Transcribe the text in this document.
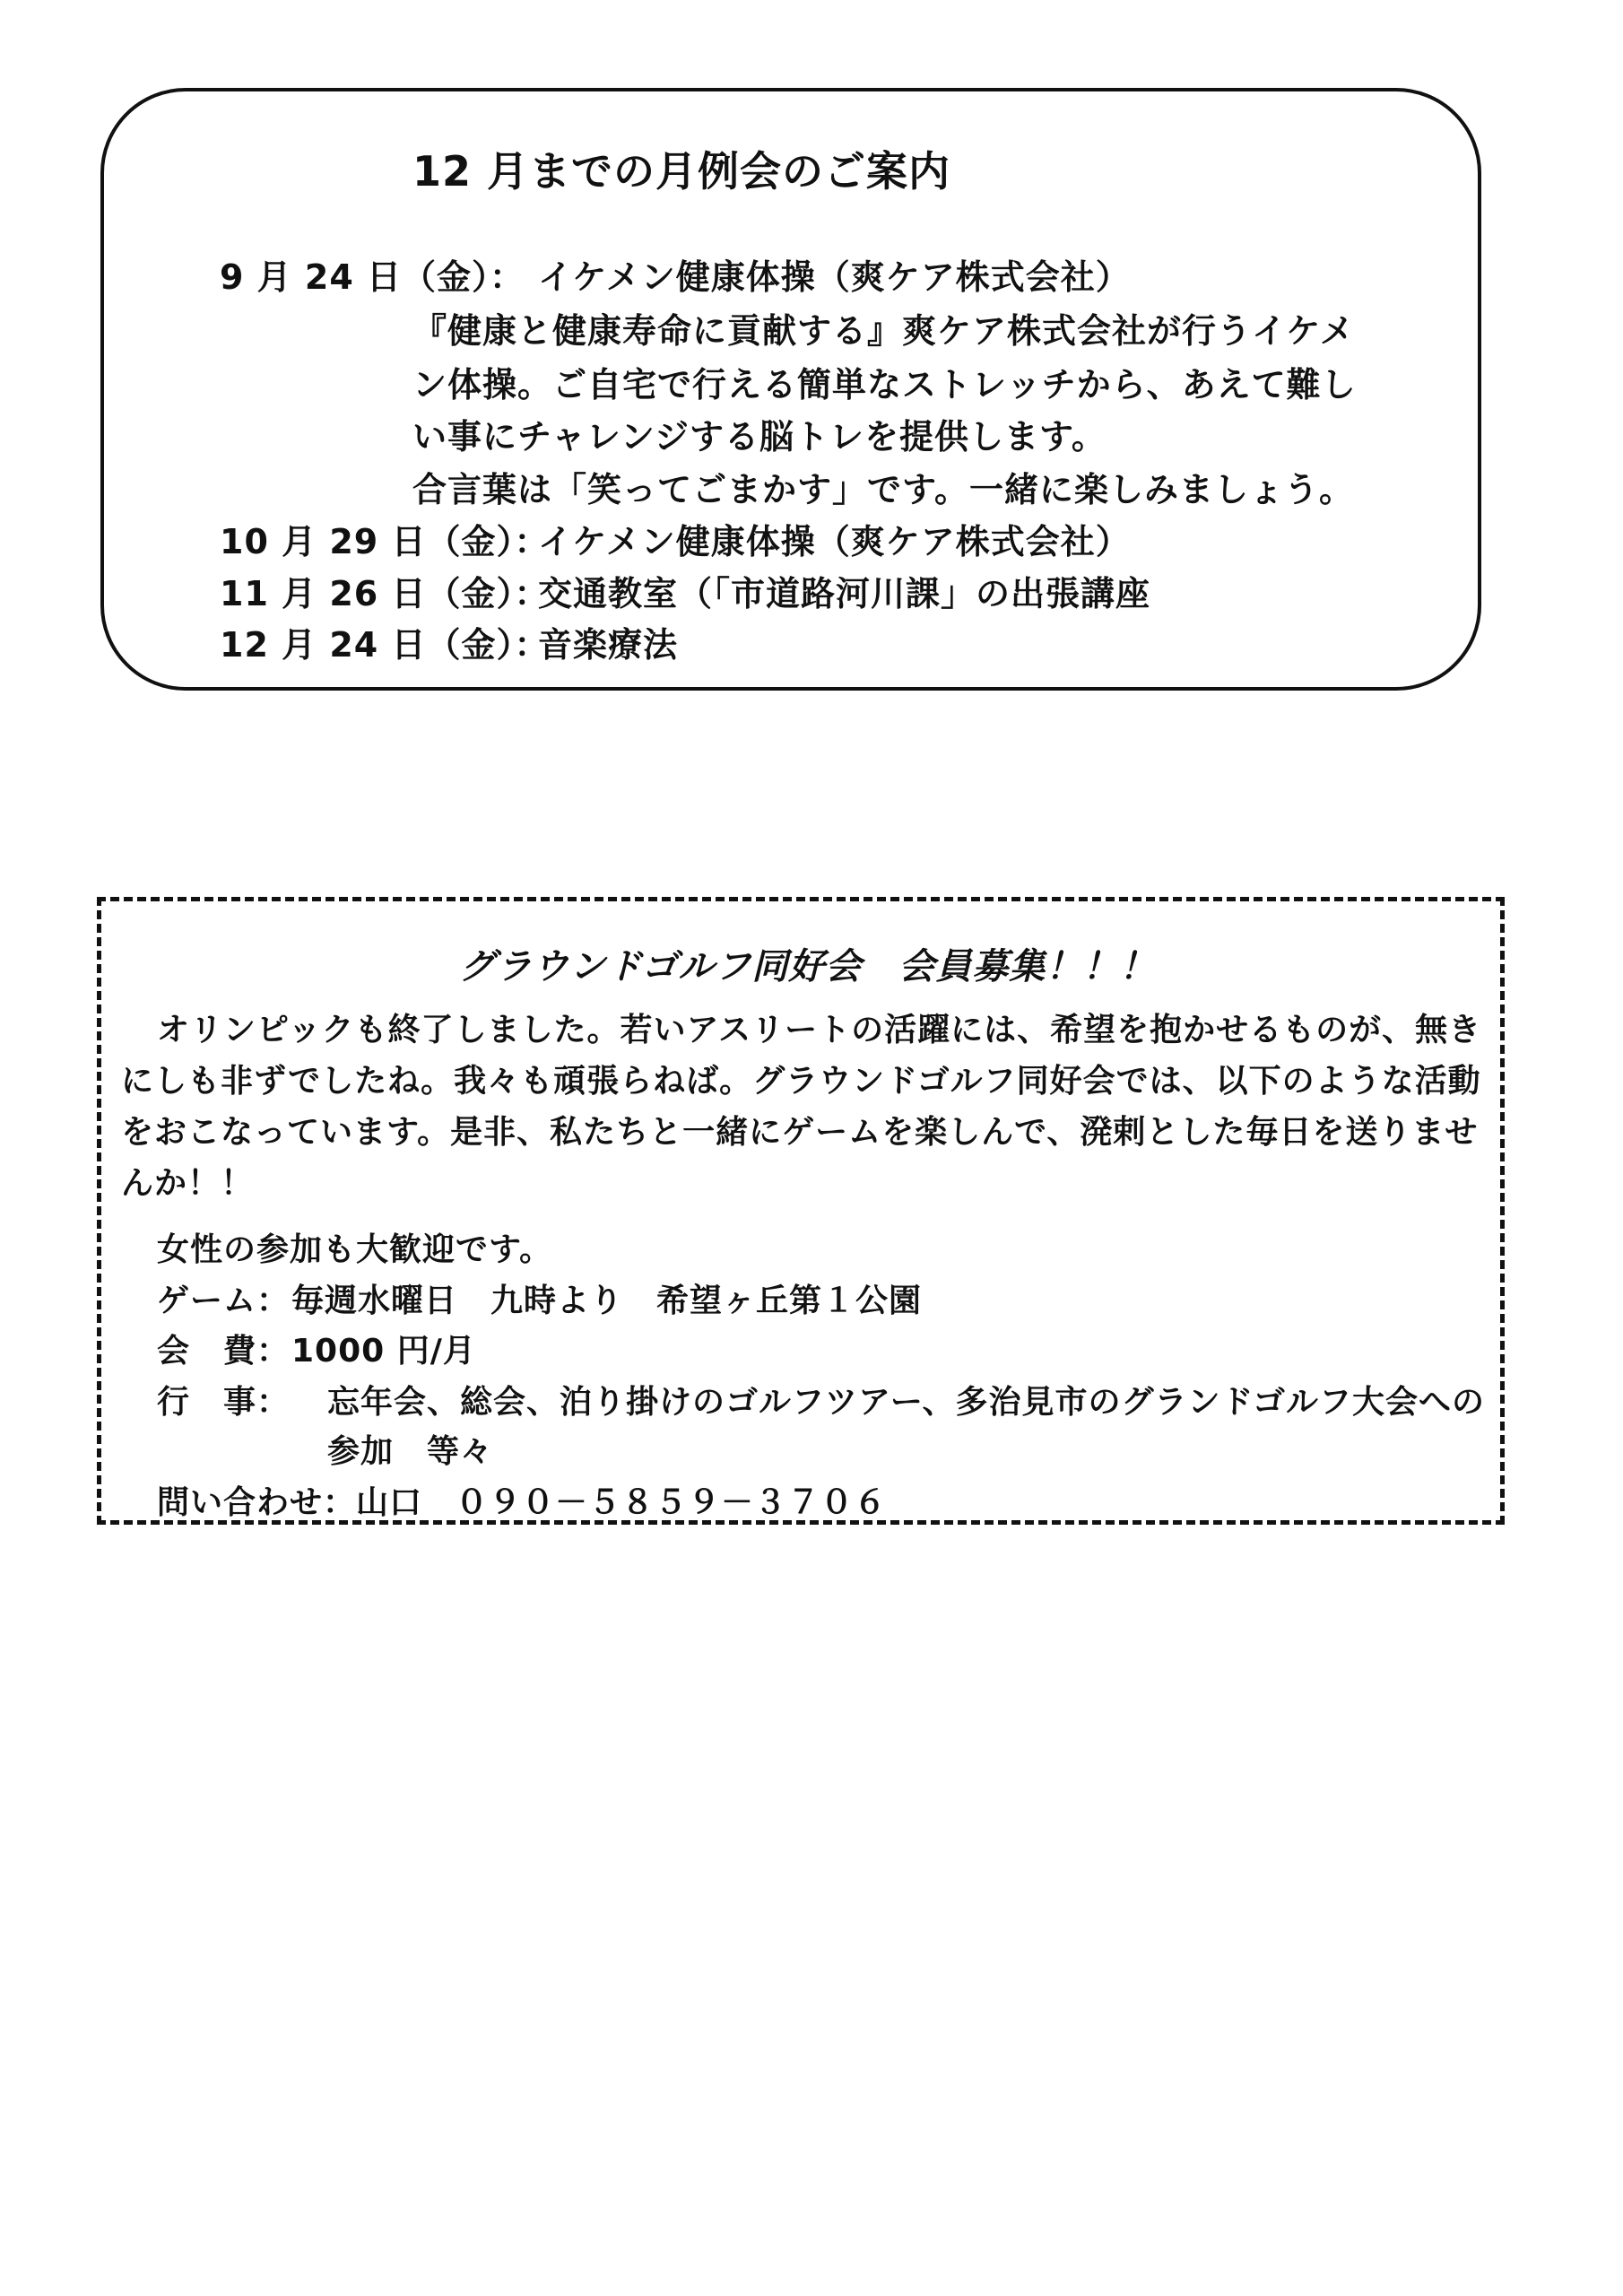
12 月までの月例会のご案内
9 月 24 日（金）： イケメン健康体操（爽ケア株式会社）
『健康と健康寿命に貢献する』爽ケア株式会社が行うイケメ
ン体操。ご自宅で行える簡単なストレッチから、あえて難し
い事にチャレンジする脳トレを提供します。
合言葉は「笑ってごまかす」です。一緒に楽しみましょう。
10 月 29 日（金）：イケメン健康体操（爽ケア株式会社）
11 月 26 日（金）：交通教室（「市道路河川課」の出張講座
12 月 24 日（金）：音楽療法
グラウンドゴルフ同好会　会員募集！！！
オリンピックも終了しました。若いアスリートの活躍には、希望を抱かせるものが、無きにしも非ずでしたね。我々も頑張らねば。グラウンドゴルフ同好会では、以下のような活動をおこなっています。是非、私たちと一緒にゲームを楽しんで、溌剌とした毎日を送りませんか！！
女性の参加も大歓迎です。
ゲーム：毎週水曜日　九時より　希望ヶ丘第１公園
会　費：1000 円/月
行　事： 忘年会、総会、泊り掛けのゴルフツアー、多治見市のグランドゴルフ大会への
参加　等々
問い合わせ：山口　０９０－５８５９－３７０６
